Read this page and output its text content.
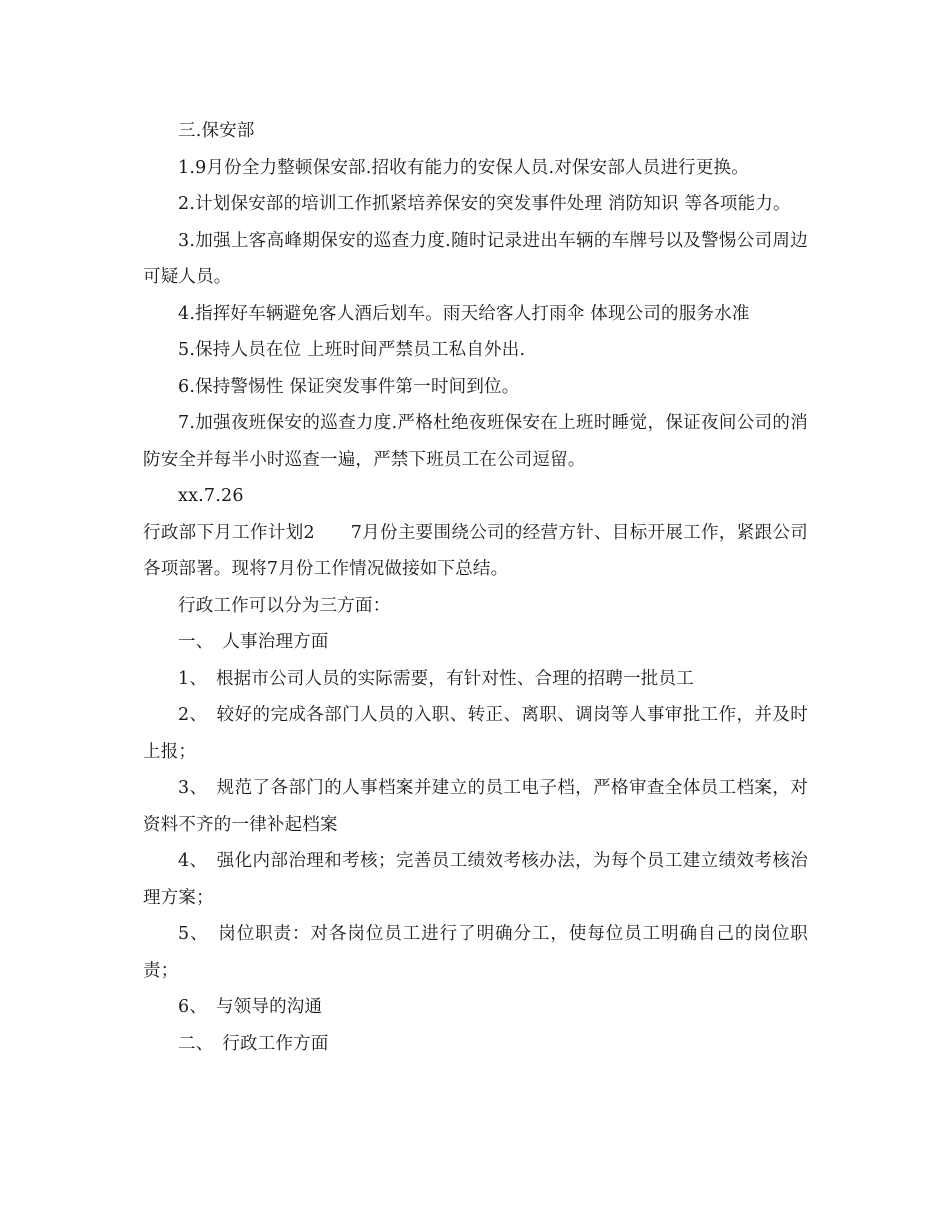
三.保安部

1.9月份全力整顿保安部.招收有能力的安保人员.对保安部人员进行更换。

2.计划保安部的培训工作抓紧培养保安的突发事件处理 消防知识 等各项能力。

3.加强上客高峰期保安的巡查力度.随时记录进出车辆的车牌号以及警惕公司周边可疑人员。

4.指挥好车辆避免客人酒后划车。雨天给客人打雨伞 体现公司的服务水准

5.保持人员在位 上班时间严禁员工私自外出.

6.保持警惕性 保证突发事件第一时间到位。

7.加强夜班保安的巡查力度.严格杜绝夜班保安在上班时睡觉，保证夜间公司的消防安全并每半小时巡查一遍，严禁下班员工在公司逗留。

xx.7.26

行政部下月工作计划2　　7月份主要围绕公司的经营方针、目标开展工作，紧跟公司各项部署。现将7月份工作情况做接如下总结。

行政工作可以分为三方面：

一、　人事治理方面

1、　根据市公司人员的实际需要，有针对性、合理的招聘一批员工

2、　较好的完成各部门人员的入职、转正、离职、调岗等人事审批工作，并及时上报；

3、　规范了各部门的人事档案并建立的员工电子档，严格审查全体员工档案，对资料不齐的一律补起档案

4、　强化内部治理和考核；完善员工绩效考核办法，为每个员工建立绩效考核治理方案；

5、　岗位职责：对各岗位员工进行了明确分工，使每位员工明确自己的岗位职责；

6、　与领导的沟通

二、　行政工作方面
